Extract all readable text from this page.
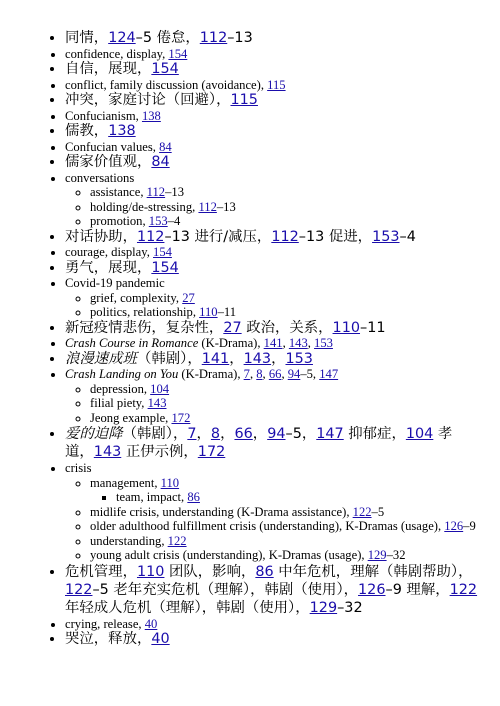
• 同情，124–5 倦怠，112–13
• confidence, display, 154
• 自信，展现，154
• conflict, family discussion (avoidance), 115
• 冲突，家庭讨论（回避），115
• Confucianism, 138
• 儒教，138
• Confucian values, 84
• 儒家价值观，84
• conversations
◦ assistance, 112–13
◦ holding/de-stressing, 112–13
◦ promotion, 153–4
• 对话协助，112–13 进行/减压，112–13 促进，153–4
• courage, display, 154
• 勇气，展现，154
• Covid-19 pandemic
◦ grief, complexity, 27
◦ politics, relationship, 110–11
• 新冠疫情悲伤，复杂性，27 政治，关系，110–11
• Crash Course in Romance (K-Drama), 141, 143, 153
• 浪漫速成班（韩剧），141，143，153
• Crash Landing on You (K-Drama), 7, 8, 66, 94–5, 147
◦ depression, 104
◦ filial piety, 143
◦ Jeong example, 172
• 爱的迫降（韩剧），7，8，66，94–5，147 抑郁症，104 孝道，143 正伊示例，172
• crisis
◦ management, 110
▪ team, impact, 86
◦ midlife crisis, understanding (K-Drama assistance), 122–5
◦ older adulthood fulfillment crisis (understanding), K-Dramas (usage), 126–9
◦ understanding, 122
◦ young adult crisis (understanding), K-Dramas (usage), 129–32
• 危机管理，110 团队，影响，86 中年危机，理解（韩剧帮助），122–5 老年充实危机（理解），韩剧（使用），126–9 理解，122 年轻成人危机（理解），韩剧（使用），129–32
• crying, release, 40
• 哭泣，释放，40
